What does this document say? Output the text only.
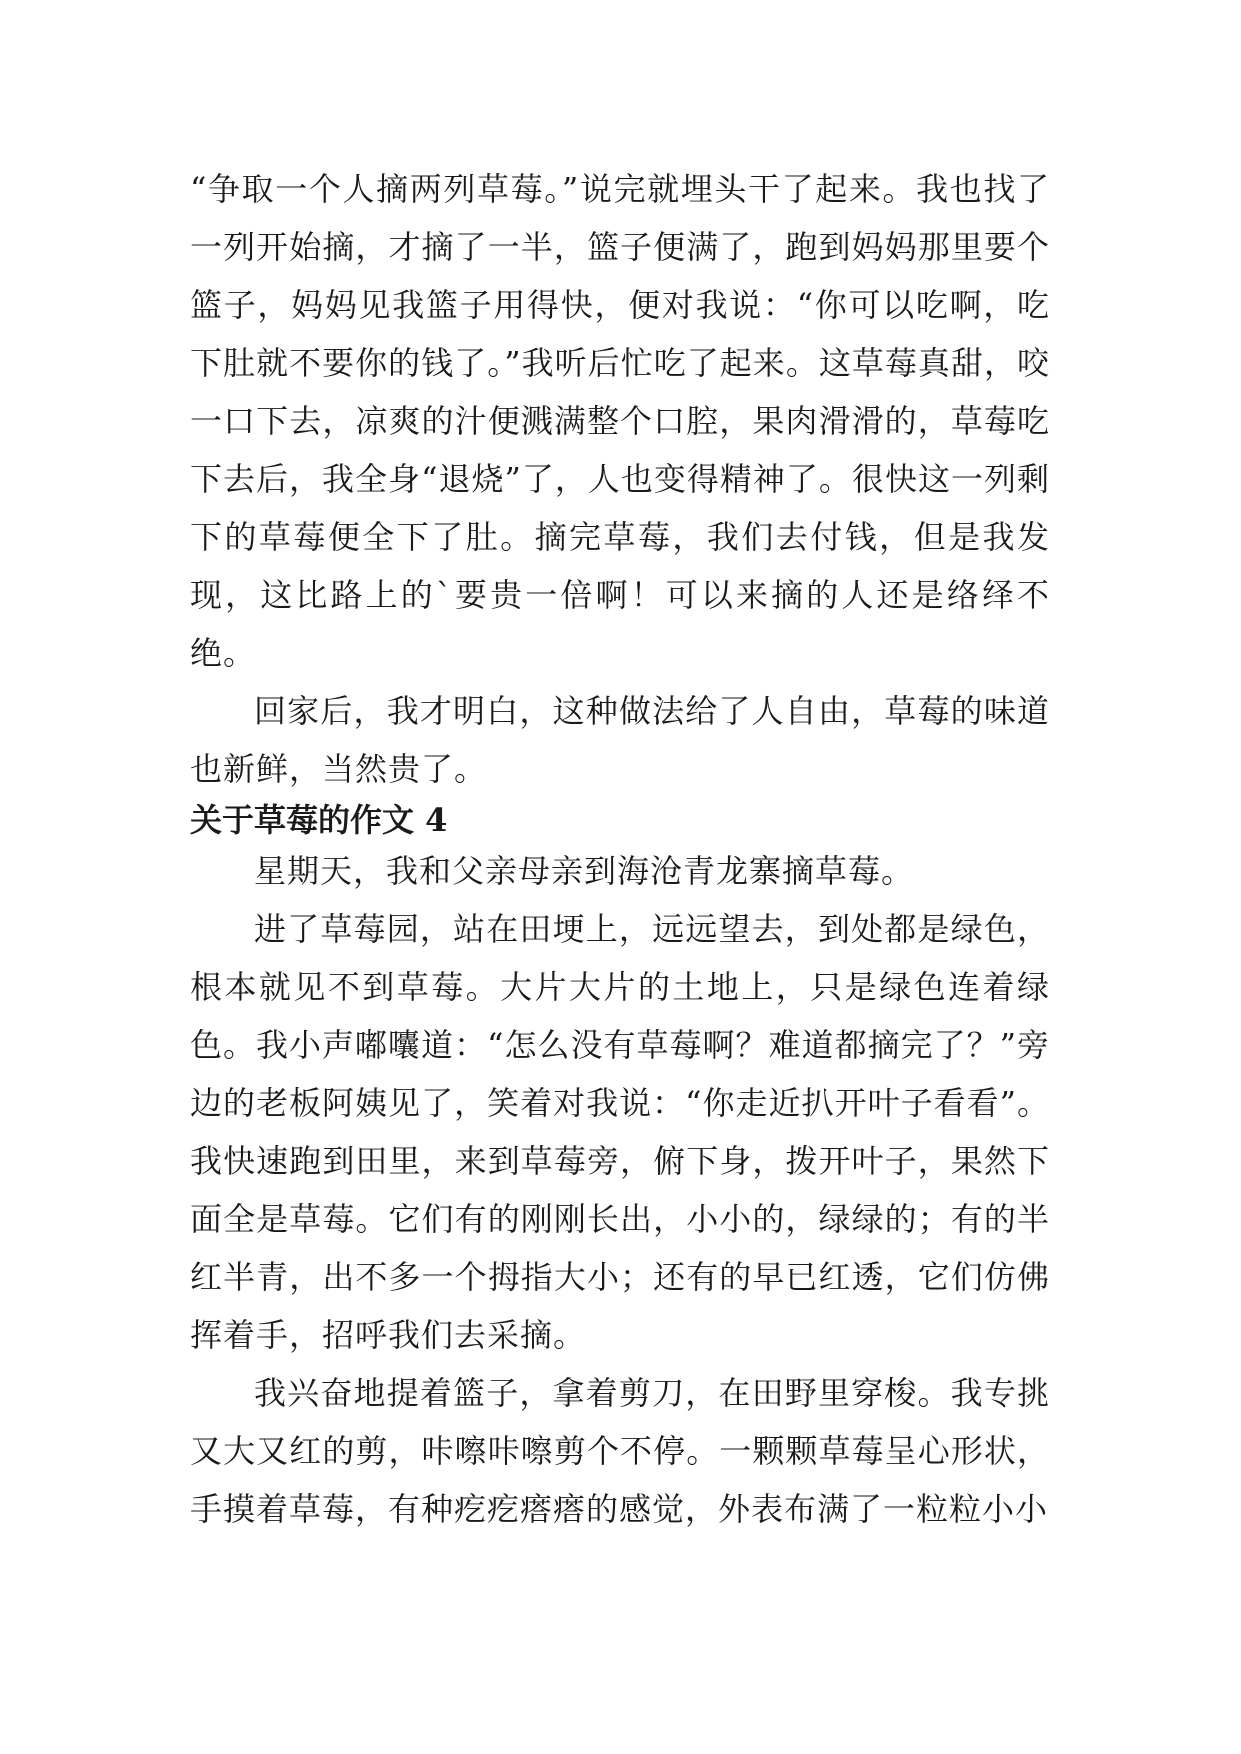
“争取一个人摘两列草莓。”说完就埋头干了起来。我也找了一列开始摘，才摘了一半，篮子便满了，跑到妈妈那里要个篮子，妈妈见我篮子用得快，便对我说：“你可以吃啊，吃下肚就不要你的钱了。”我听后忙吃了起来。这草莓真甜，咬一口下去，凉爽的汁便溅满整个口腔，果肉滑滑的，草莓吃下去后，我全身“退烧”了，人也变得精神了。很快这一列剩下的草莓便全下了肚。摘完草莓，我们去付钱，但是我发现，这比路上的`要贵一倍啊！可以来摘的人还是络绎不绝。

回家后，我才明白，这种做法给了人自由，草莓的味道也新鲜，当然贵了。

关于草莓的作文 4

星期天，我和父亲母亲到海沧青龙寨摘草莓。

进了草莓园，站在田埂上，远远望去，到处都是绿色，根本就见不到草莓。大片大片的土地上，只是绿色连着绿色。我小声嘟囔道：“怎么没有草莓啊？难道都摘完了？”旁边的老板阿姨见了，笑着对我说：“你走近扒开叶子看看”。我快速跑到田里，来到草莓旁，俯下身，拨开叶子，果然下面全是草莓。它们有的刚刚长出，小小的，绿绿的；有的半红半青，出不多一个拇指大小；还有的早已红透，它们仿佛挥着手，招呼我们去采摘。

我兴奋地提着篮子，拿着剪刀，在田野里穿梭。我专挑又大又红的剪，咔嚓咔嚓剪个不停。一颗颗草莓呈心形状，手摸着草莓，有种疙疙瘩瘩的感觉，外表布满了一粒粒小小
